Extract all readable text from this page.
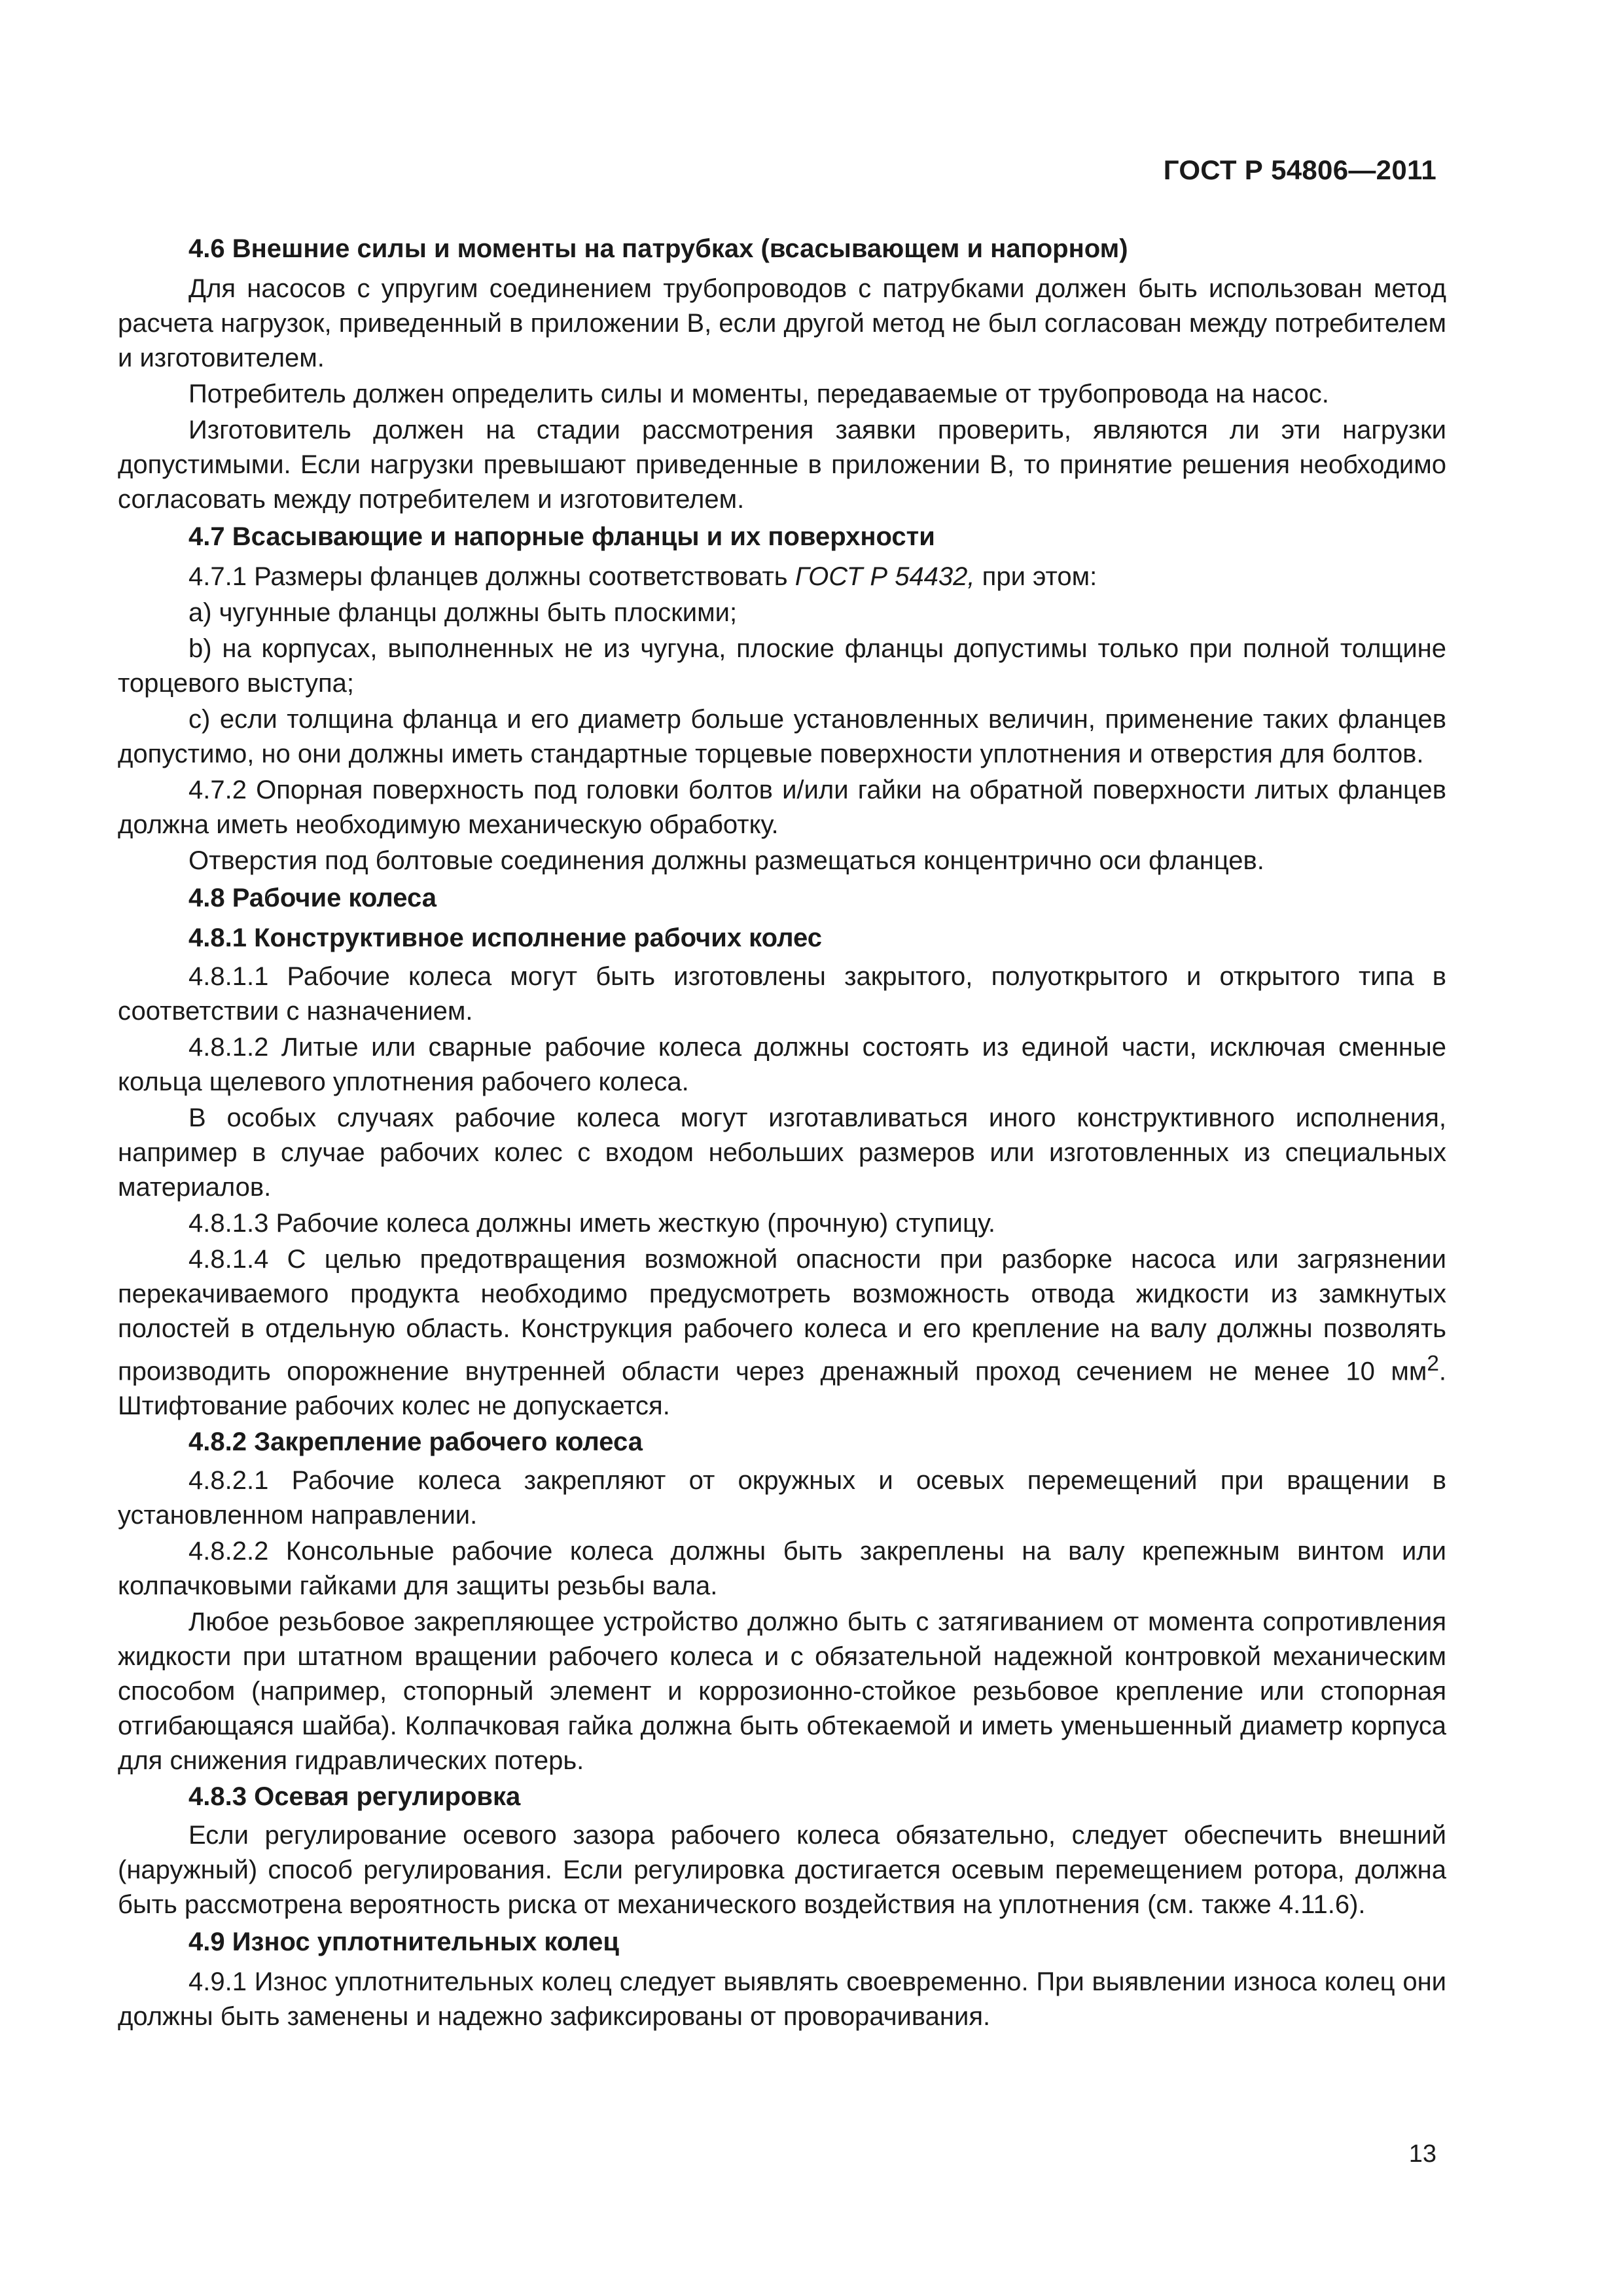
ГОСТ Р 54806—2011

4.6 Внешние силы и моменты на патрубках (всасывающем и напорном)

Для насосов с упругим соединением трубопроводов с патрубками должен быть использован метод расчета нагрузок, приведенный в приложении В, если другой метод не был согласован между потребителем и изготовителем.

Потребитель должен определить силы и моменты, передаваемые от трубопровода на насос.

Изготовитель должен на стадии рассмотрения заявки проверить, являются ли эти нагрузки допустимыми. Если нагрузки превышают приведенные в приложении В, то принятие решения необходимо согласовать между потребителем и изготовителем.

4.7 Всасывающие и напорные фланцы и их поверхности

4.7.1 Размеры фланцев должны соответствовать ГОСТ Р 54432, при этом:

а) чугунные фланцы должны быть плоскими;

b) на корпусах, выполненных не из чугуна, плоские фланцы допустимы только при полной толщине торцевого выступа;

с) если толщина фланца и его диаметр больше установленных величин, применение таких фланцев допустимо, но они должны иметь стандартные торцевые поверхности уплотнения и отверстия для болтов.

4.7.2 Опорная поверхность под головки болтов и/или гайки на обратной поверхности литых фланцев должна иметь необходимую механическую обработку.

Отверстия под болтовые соединения должны размещаться концентрично оси фланцев.

4.8 Рабочие колеса

4.8.1 Конструктивное исполнение рабочих колес

4.8.1.1 Рабочие колеса могут быть изготовлены закрытого, полуоткрытого и открытого типа в соответствии с назначением.

4.8.1.2 Литые или сварные рабочие колеса должны состоять из единой части, исключая сменные кольца щелевого уплотнения рабочего колеса.

В особых случаях рабочие колеса могут изготавливаться иного конструктивного исполнения, например в случае рабочих колес с входом небольших размеров или изготовленных из специальных материалов.

4.8.1.3 Рабочие колеса должны иметь жесткую (прочную) ступицу.

4.8.1.4 С целью предотвращения возможной опасности при разборке насоса или загрязнении перекачиваемого продукта необходимо предусмотреть возможность отвода жидкости из замкнутых полостей в отдельную область. Конструкция рабочего колеса и его крепление на валу должны позволять производить опорожнение внутренней области через дренажный проход сечением не менее 10 $мм^2$. Штифтование рабочих колес не допускается.

4.8.2 Закрепление рабочего колеса

4.8.2.1 Рабочие колеса закрепляют от окружных и осевых перемещений при вращении в установленном направлении.

4.8.2.2 Консольные рабочие колеса должны быть закреплены на валу крепежным винтом или колпачковыми гайками для защиты резьбы вала.

Любое резьбовое закрепляющее устройство должно быть с затягиванием от момента сопротивления жидкости при штатном вращении рабочего колеса и с обязательной надежной контровкой механическим способом (например, стопорный элемент и коррозионно-стойкое резьбовое крепление или стопорная отгибающаяся шайба). Колпачковая гайка должна быть обтекаемой и иметь уменьшенный диаметр корпуса для снижения гидравлических потерь.

4.8.3 Осевая регулировка

Если регулирование осевого зазора рабочего колеса обязательно, следует обеспечить внешний (наружный) способ регулирования. Если регулировка достигается осевым перемещением ротора, должна быть рассмотрена вероятность риска от механического воздействия на уплотнения (см. также 4.11.6).

4.9 Износ уплотнительных колец

4.9.1 Износ уплотнительных колец следует выявлять своевременно. При выявлении износа колец они должны быть заменены и надежно зафиксированы от проворачивания.

13
